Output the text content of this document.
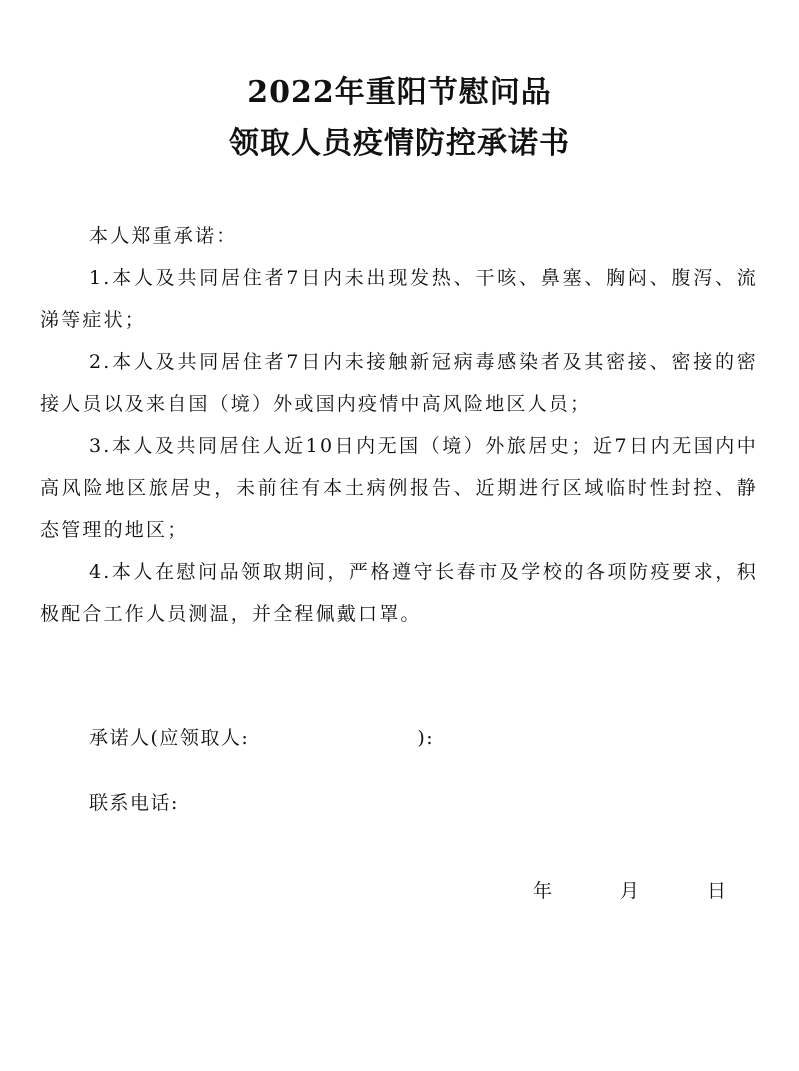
2022年重阳节慰问品
领取人员疫情防控承诺书
本人郑重承诺：

1.本人及共同居住者7日内未出现发热、干咳、鼻塞、胸闷、腹泻、流涕等症状；

2.本人及共同居住者7日内未接触新冠病毒感染者及其密接、密接的密接人员以及来自国（境）外或国内疫情中高风险地区人员；

3.本人及共同居住人近10日内无国（境）外旅居史；近7日内无国内中高风险地区旅居史，未前往有本土病例报告、近期进行区域临时性封控、静态管理的地区；

4.本人在慰问品领取期间，严格遵守长春市及学校的各项防疫要求，积极配合工作人员测温，并全程佩戴口罩。

承诺人(应领取人:	):
联系电话:
年	月	日
